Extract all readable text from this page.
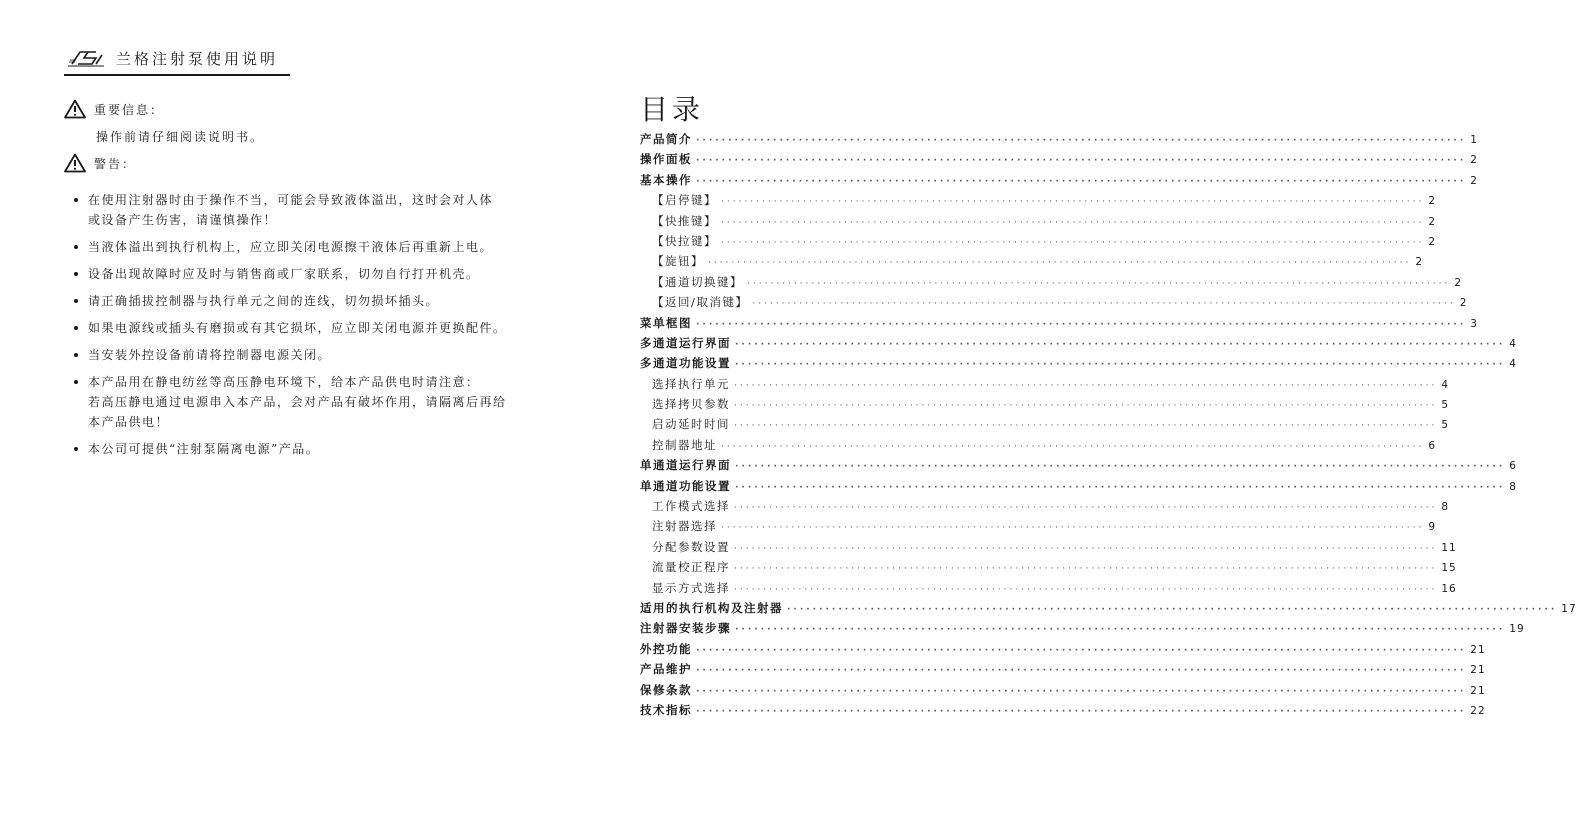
兰格注射泵使用说明
重要信息：
操作前请仔细阅读说明书。
警告：
在使用注射器时由于操作不当，可能会导致液体溢出，这时会对人体
或设备产生伤害，请谨慎操作！
当液体溢出到执行机构上，应立即关闭电源擦干液体后再重新上电。
设备出现故障时应及时与销售商或厂家联系，切勿自行打开机壳。
请正确插拔控制器与执行单元之间的连线，切勿损坏插头。
如果电源线或插头有磨损或有其它损坏，应立即关闭电源并更换配件。
当安装外控设备前请将控制器电源关闭。
本产品用在静电纺丝等高压静电环境下，给本产品供电时请注意：
若高压静电通过电源串入本产品，会对产品有破坏作用，请隔离后再给
本产品供电！
本公司可提供“注射泵隔离电源”产品。
目录
产品简介 ························································································································ 1
操作面板 ························································································································ 2
基本操作 ························································································································ 2
【启停键】 ························································································································ 2
【快推键】 ························································································································ 2
【快拉键】 ························································································································ 2
【旋钮】 ························································································································ 2
【通道切换键】 ························································································································ 2
【返回/取消键】 ························································································································ 2
菜单框图 ························································································································ 3
多通道运行界面 ························································································································ 4
多通道功能设置 ························································································································ 4
选择执行单元 ························································································································ 4
选择拷贝参数 ························································································································ 5
启动延时时间 ························································································································ 5
控制器地址 ························································································································ 6
单通道运行界面 ························································································································ 6
单通道功能设置 ························································································································ 8
工作模式选择 ························································································································ 8
注射器选择 ························································································································ 9
分配参数设置 ························································································································ 11
流量校正程序 ························································································································ 15
显示方式选择 ························································································································ 16
适用的执行机构及注射器 ························································································································ 17
注射器安装步骤 ························································································································ 19
外控功能 ························································································································ 21
产品维护 ························································································································ 21
保修条款 ························································································································ 21
技术指标 ························································································································ 22
